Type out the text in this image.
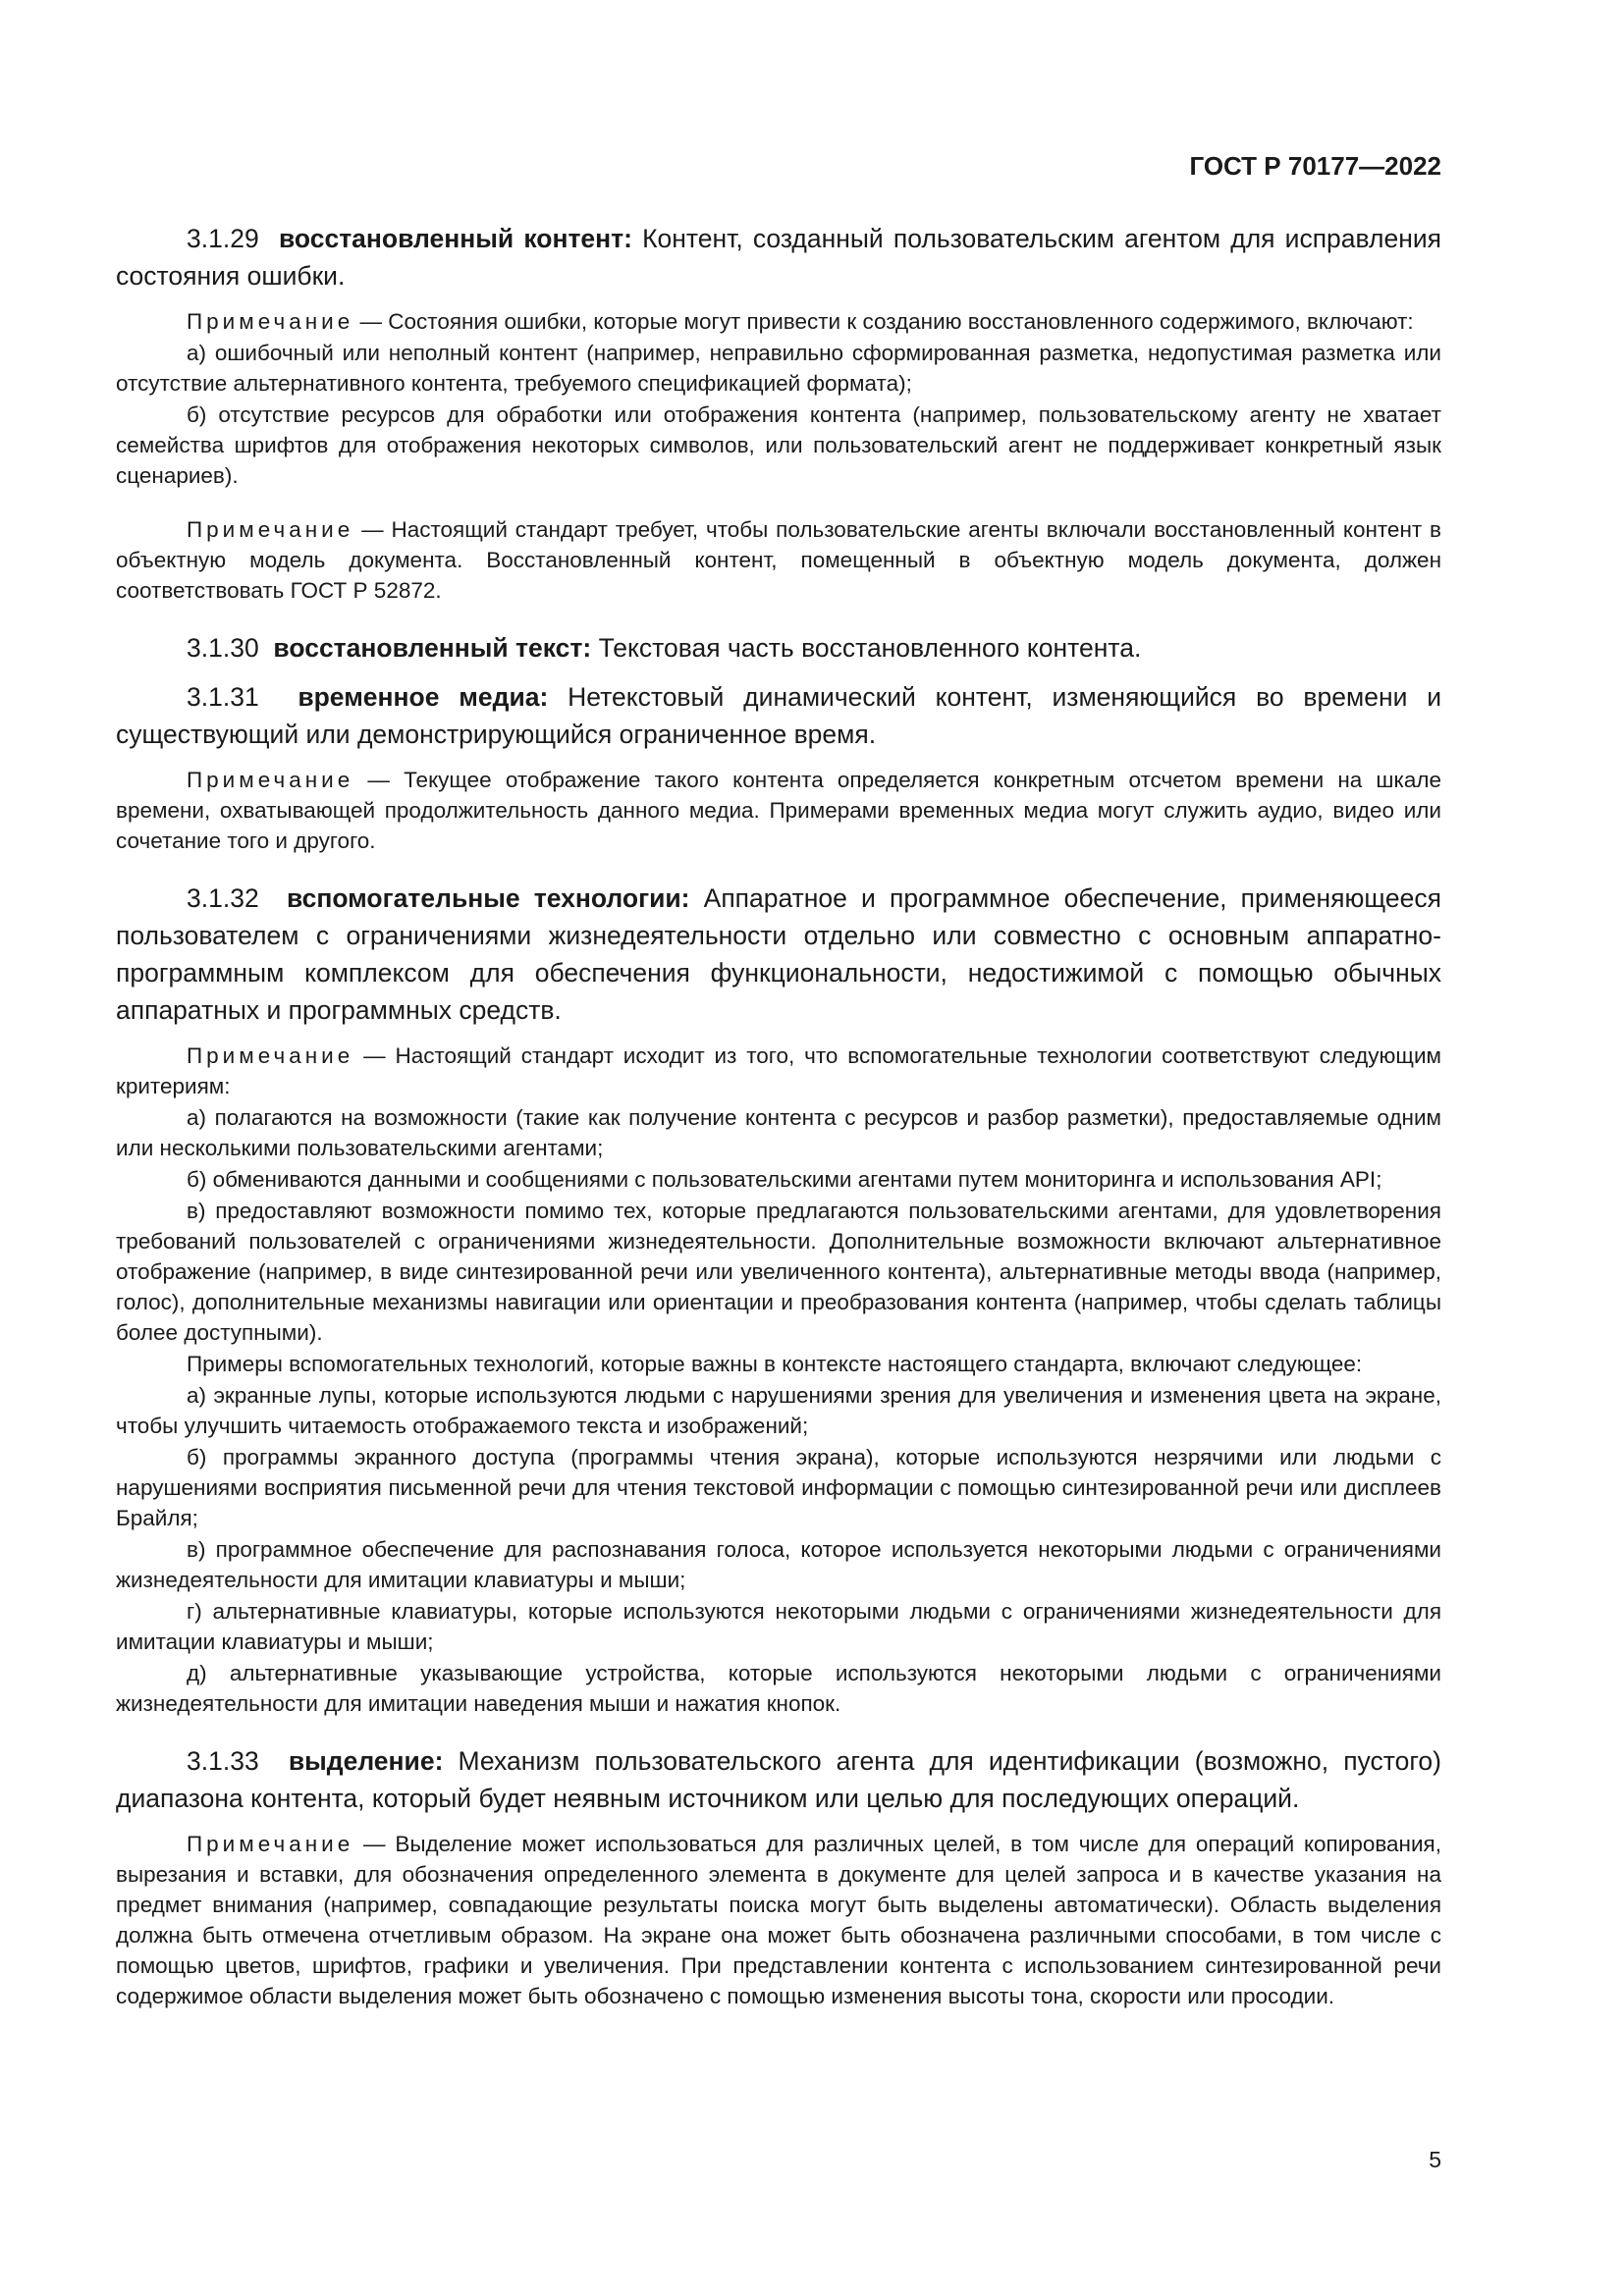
ГОСТ Р 70177—2022

3.1.29 восстановленный контент: Контент, созданный пользовательским агентом для исправления состояния ошибки.

Примечание — Состояния ошибки, которые могут привести к созданию восстановленного содержимого, включают:

а) ошибочный или неполный контент (например, неправильно сформированная разметка, недопустимая разметка или отсутствие альтернативного контента, требуемого спецификацией формата);

б) отсутствие ресурсов для обработки или отображения контента (например, пользовательскому агенту не хватает семейства шрифтов для отображения некоторых символов, или пользовательский агент не поддерживает конкретный язык сценариев).

Примечание — Настоящий стандарт требует, чтобы пользовательские агенты включали восстановленный контент в объектную модель документа. Восстановленный контент, помещенный в объектную модель документа, должен соответствовать ГОСТ Р 52872.

3.1.30 восстановленный текст: Текстовая часть восстановленного контента.

3.1.31 временное медиа: Нетекстовый динамический контент, изменяющийся во времени и существующий или демонстрирующийся ограниченное время.

Примечание — Текущее отображение такого контента определяется конкретным отсчетом времени на шкале времени, охватывающей продолжительность данного медиа. Примерами временных медиа могут служить аудио, видео или сочетание того и другого.

3.1.32 вспомогательные технологии: Аппаратное и программное обеспечение, применяющееся пользователем с ограничениями жизнедеятельности отдельно или совместно с основным аппаратно-программным комплексом для обеспечения функциональности, недостижимой с помощью обычных аппаратных и программных средств.

Примечание — Настоящий стандарт исходит из того, что вспомогательные технологии соответствуют следующим критериям:

а) полагаются на возможности (такие как получение контента с ресурсов и разбор разметки), предоставляемые одним или несколькими пользовательскими агентами;

б) обмениваются данными и сообщениями с пользовательскими агентами путем мониторинга и использования API;

в) предоставляют возможности помимо тех, которые предлагаются пользовательскими агентами, для удовлетворения требований пользователей с ограничениями жизнедеятельности. Дополнительные возможности включают альтернативное отображение (например, в виде синтезированной речи или увеличенного контента), альтернативные методы ввода (например, голос), дополнительные механизмы навигации или ориентации и преобразования контента (например, чтобы сделать таблицы более доступными).

Примеры вспомогательных технологий, которые важны в контексте настоящего стандарта, включают следующее:

а) экранные лупы, которые используются людьми с нарушениями зрения для увеличения и изменения цвета на экране, чтобы улучшить читаемость отображаемого текста и изображений;

б) программы экранного доступа (программы чтения экрана), которые используются незрячими или людьми с нарушениями восприятия письменной речи для чтения текстовой информации с помощью синтезированной речи или дисплеев Брайля;

в) программное обеспечение для распознавания голоса, которое используется некоторыми людьми с ограничениями жизнедеятельности для имитации клавиатуры и мыши;

г) альтернативные клавиатуры, которые используются некоторыми людьми с ограничениями жизнедеятельности для имитации клавиатуры и мыши;

д) альтернативные указывающие устройства, которые используются некоторыми людьми с ограничениями жизнедеятельности для имитации наведения мыши и нажатия кнопок.

3.1.33 выделение: Механизм пользовательского агента для идентификации (возможно, пустого) диапазона контента, который будет неявным источником или целью для последующих операций.

Примечание — Выделение может использоваться для различных целей, в том числе для операций копирования, вырезания и вставки, для обозначения определенного элемента в документе для целей запроса и в качестве указания на предмет внимания (например, совпадающие результаты поиска могут быть выделены автоматически). Область выделения должна быть отмечена отчетливым образом. На экране она может быть обозначена различными способами, в том числе с помощью цветов, шрифтов, графики и увеличения. При представлении контента с использованием синтезированной речи содержимое области выделения может быть обозначено с помощью изменения высоты тона, скорости или просодии.

5
